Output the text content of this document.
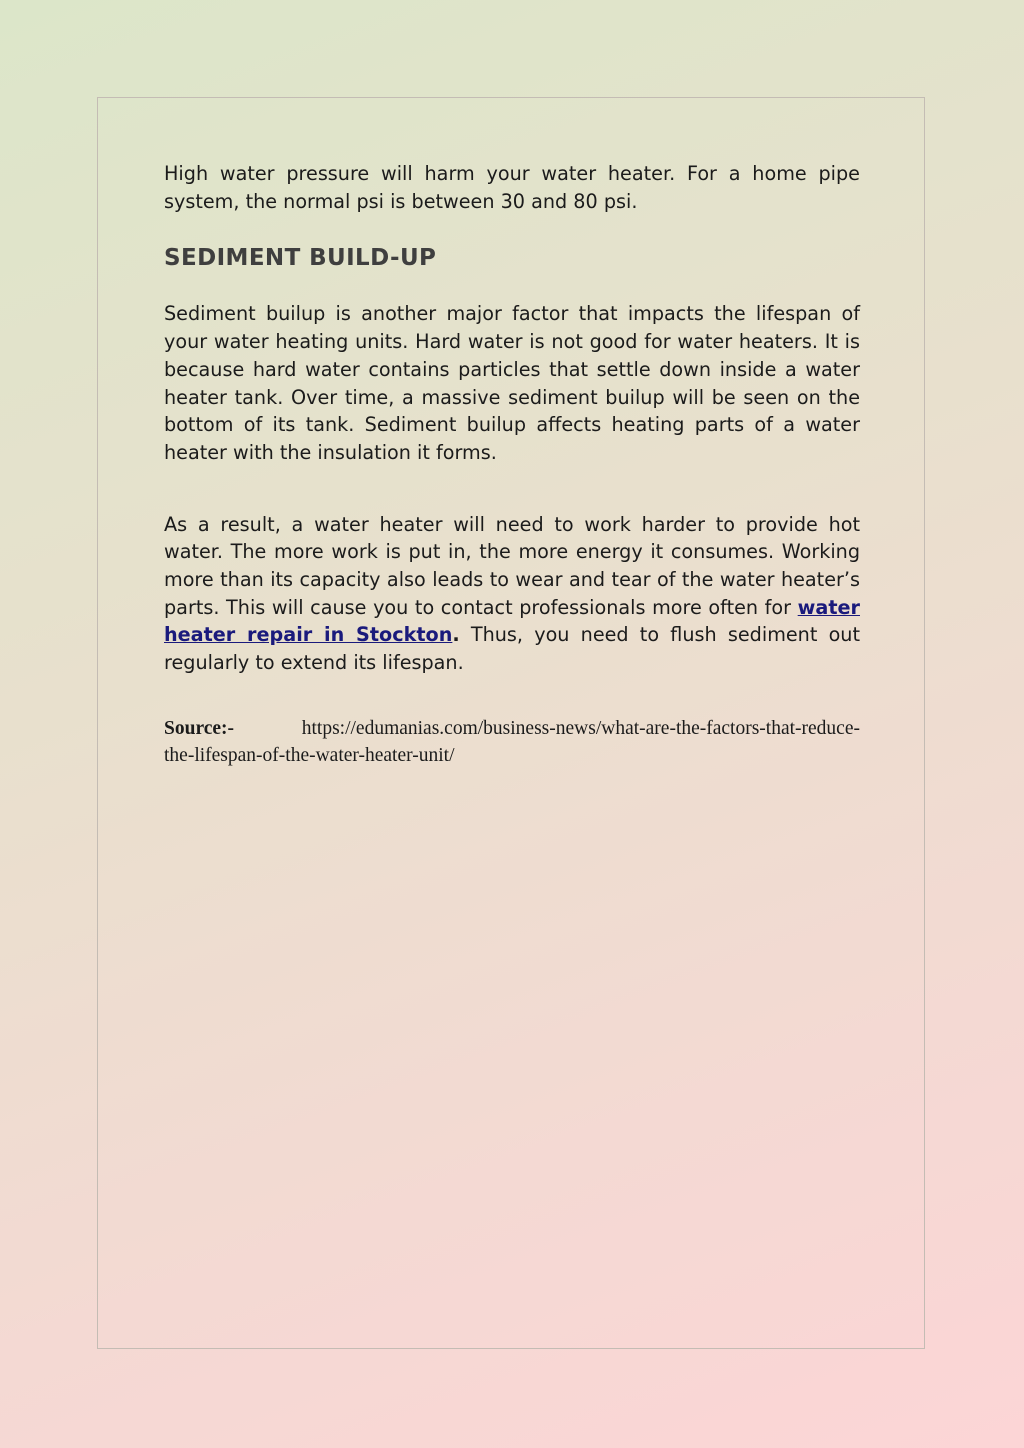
High water pressure will harm your water heater. For a home pipe system, the normal psi is between 30 and 80 psi.

SEDIMENT BUILD-UP

Sediment builup is another major factor that impacts the lifespan of your water heating units. Hard water is not good for water heaters. It is because hard water contains particles that settle down inside a water heater tank. Over time, a massive sediment builup will be seen on the bottom of its tank. Sediment builup affects heating parts of a water heater with the insulation it forms.

As a result, a water heater will need to work harder to provide hot water. The more work is put in, the more energy it consumes. Working more than its capacity also leads to wear and tear of the water heater’s parts. This will cause you to contact professionals more often for water heater repair in Stockton. Thus, you need to flush sediment out regularly to extend its lifespan.

Source:-	https://edumanias.com/business-news/what-are-the-factors-that-reduce-the-lifespan-of-the-water-heater-unit/
